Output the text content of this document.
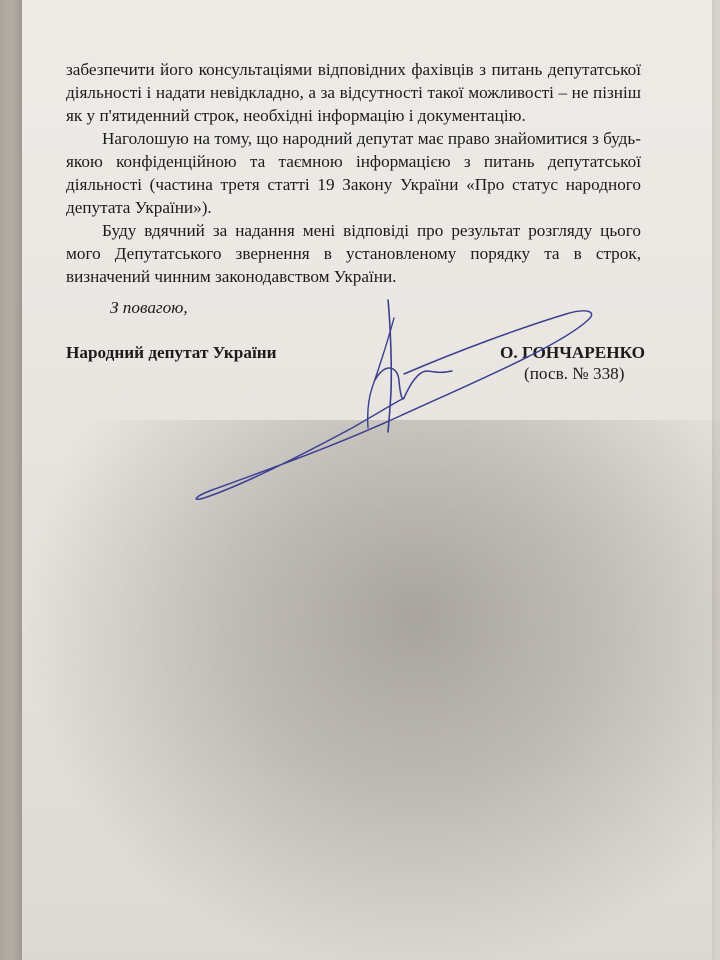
забезпечити його консультаціями відповідних фахівців з питань депутатської діяльності і надати невідкладно, а за відсутності такої можливості – не пізніш як у п'ятиденний строк, необхідні інформацію і документацію.

Наголошую на тому, що народний депутат має право знайомитися з будь-якою конфіденційною та таємною інформацією з питань депутатської діяльності (частина третя статті 19 Закону України «Про статус народного депутата України»).

Буду вдячний за надання мені відповіді про результат розгляду цього мого Депутатського звернення в установленому порядку та в строк, визначений чинним законодавством України.

З повагою,
Народний депутат України	О. ГОНЧАРЕНКО
(посв. № 338)
